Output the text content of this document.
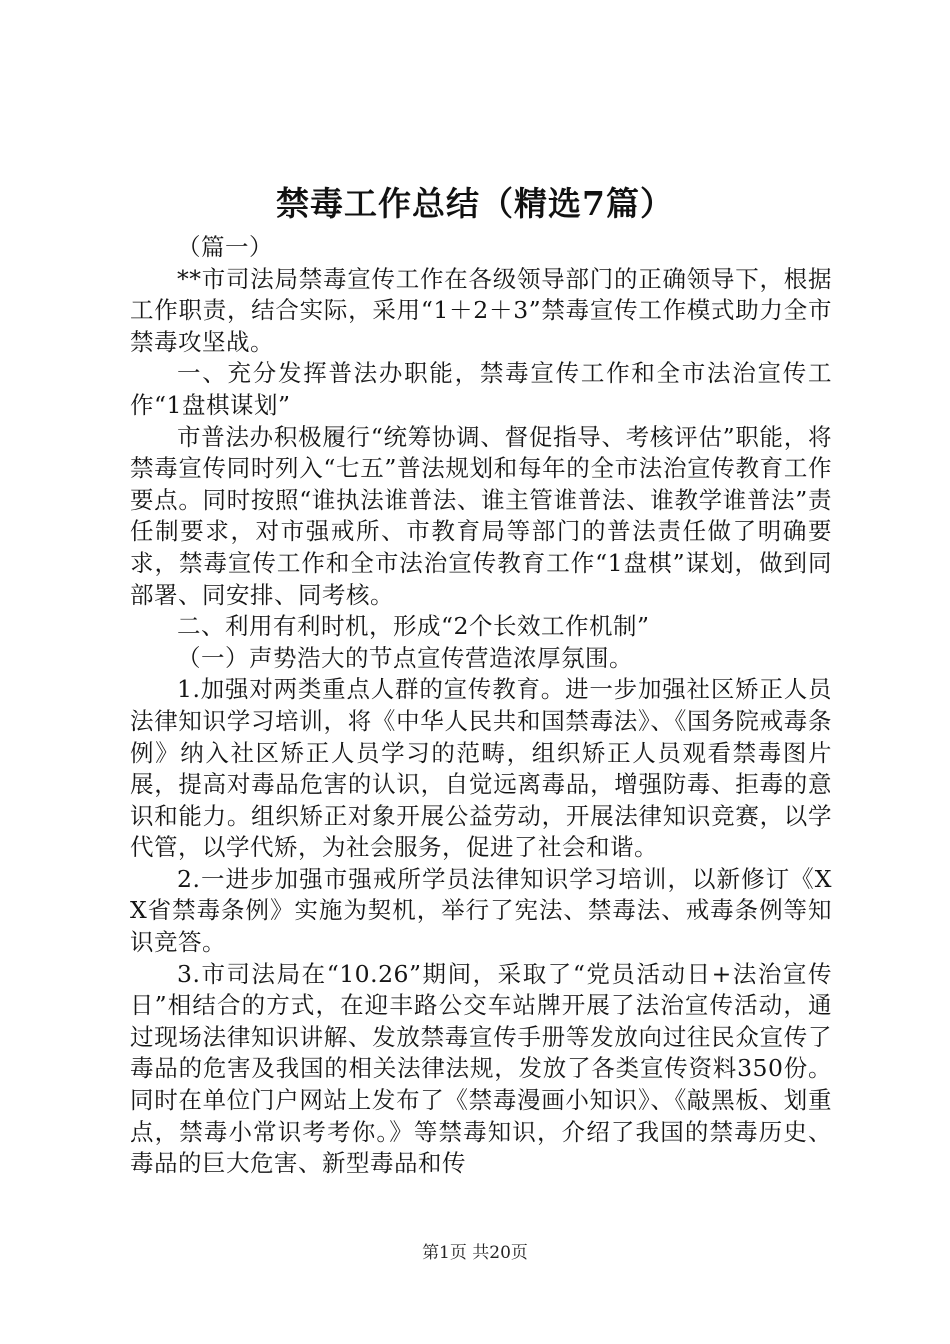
禁毒工作总结（精选7篇）

（篇一）

**市司法局禁毒宣传工作在各级领导部门的正确领导下，根据工作职责，结合实际，采用“1＋2＋3”禁毒宣传工作模式助力全市禁毒攻坚战。

一、充分发挥普法办职能，禁毒宣传工作和全市法治宣传工作“1盘棋谋划”

市普法办积极履行“统筹协调、督促指导、考核评估”职能，将禁毒宣传同时列入“七五”普法规划和每年的全市法治宣传教育工作要点。同时按照“谁执法谁普法、谁主管谁普法、谁教学谁普法”责任制要求，对市强戒所、市教育局等部门的普法责任做了明确要求，禁毒宣传工作和全市法治宣传教育工作“1盘棋”谋划，做到同部署、同安排、同考核。

二、利用有利时机，形成“2个长效工作机制”

（一）声势浩大的节点宣传营造浓厚氛围。

1.加强对两类重点人群的宣传教育。进一步加强社区矫正人员法律知识学习培训，将《中华人民共和国禁毒法》、《国务院戒毒条例》纳入社区矫正人员学习的范畴，组织矫正人员观看禁毒图片展，提高对毒品危害的认识，自觉远离毒品，增强防毒、拒毒的意识和能力。组织矫正对象开展公益劳动，开展法律知识竞赛，以学代管，以学代矫，为社会服务，促进了社会和谐。

2.一进步加强市强戒所学员法律知识学习培训，以新修订《XX省禁毒条例》实施为契机，举行了宪法、禁毒法、戒毒条例等知识竞答。

3.市司法局在“10.26”期间，采取了“党员活动日+法治宣传日”相结合的方式，在迎丰路公交车站牌开展了法治宣传活动，通过现场法律知识讲解、发放禁毒宣传手册等发放向过往民众宣传了毒品的危害及我国的相关法律法规，发放了各类宣传资料350份。同时在单位门户网站上发布了《禁毒漫画小知识》、《敲黑板、划重点，禁毒小常识考考你。》等禁毒知识，介绍了我国的禁毒历史、毒品的巨大危害、新型毒品和传

第1页 共20页
